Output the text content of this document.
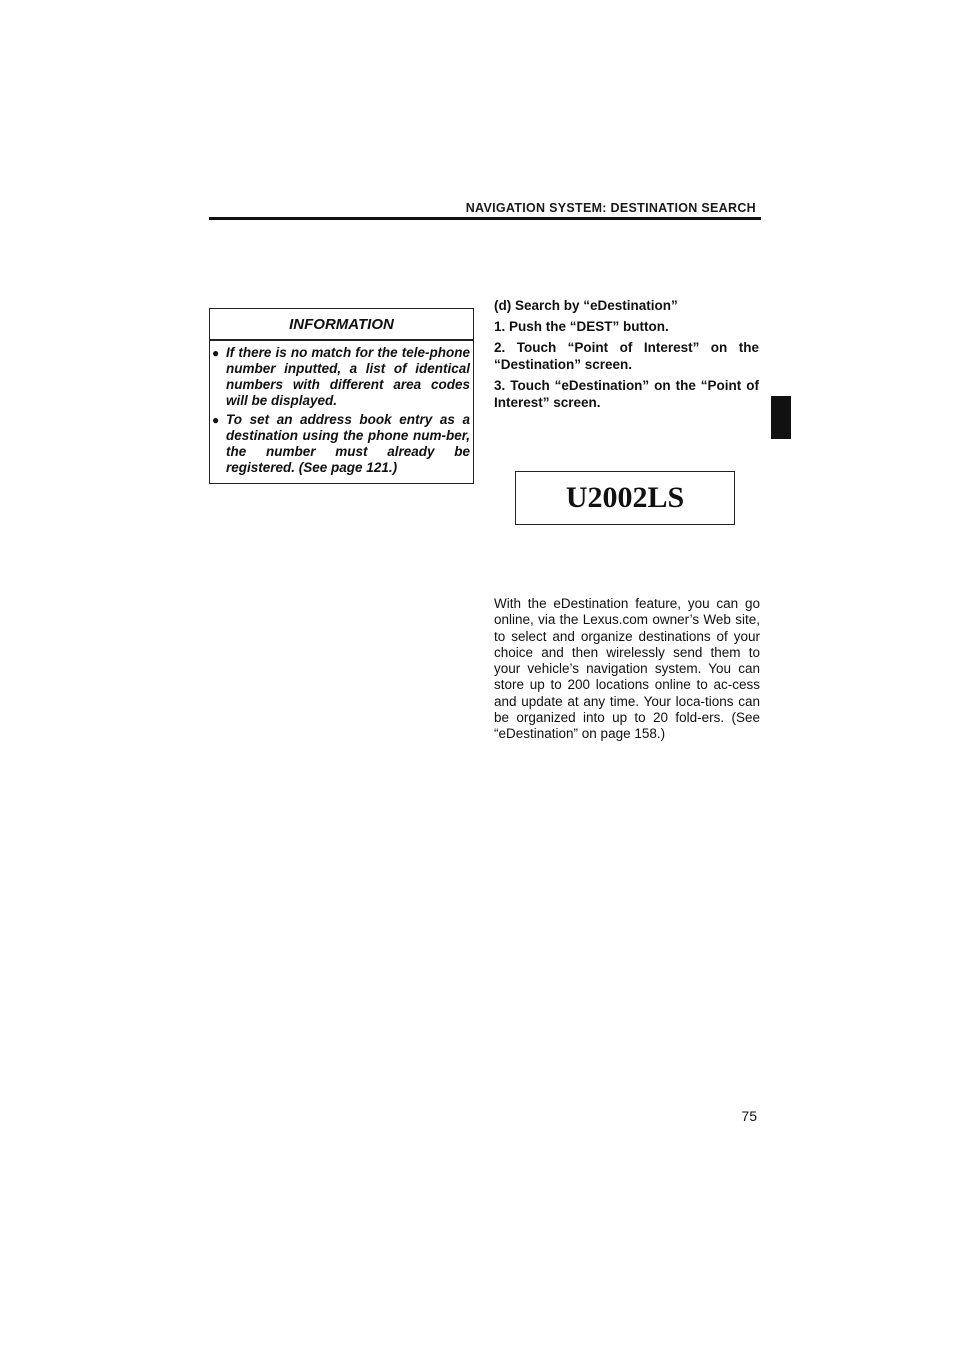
NAVIGATION SYSTEM: DESTINATION SEARCH
INFORMATION
● If there is no match for the tele-phone number inputted, a list of identical numbers with different area codes will be displayed.
● To set an address book entry as a destination using the phone num-ber, the number must already be registered. (See page 121.)

(d) Search by “eDestination”

1. Push the “DEST” button.

2. Touch “Point of Interest” on the “Destination” screen.

3. Touch “eDestination” on the “Point of Interest” screen.

U2002LS

With the eDestination feature, you can go online, via the Lexus.com owner’s Web site, to select and organize destinations of your choice and then wirelessly send them to your vehicle’s navigation system. You can store up to 200 locations online to ac-cess and update at any time. Your loca-tions can be organized into up to 20 fold-ers. (See “eDestination” on page 158.)

75
